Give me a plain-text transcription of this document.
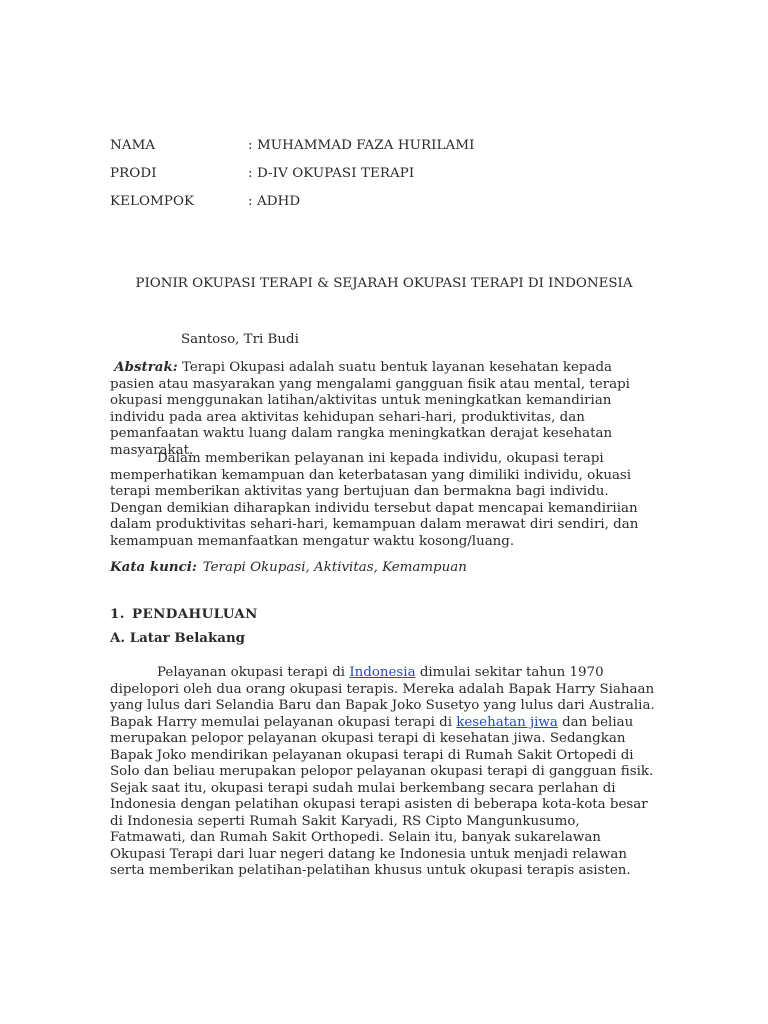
NAMA	: MUHAMMAD FAZA HURILAMI
PRODI	: D-IV OKUPASI TERAPI
KELOMPOK	: ADHD
PIONIR OKUPASI TERAPI & SEJARAH OKUPASI TERAPI DI INDONESIA
Santoso, Tri Budi
Abstrak: Terapi Okupasi adalah suatu bentuk layanan kesehatan kepada pasien atau masyarakan yang mengalami gangguan fisik atau mental, terapi okupasi menggunakan latihan/aktivitas untuk meningkatkan kemandirian individu pada area aktivitas kehidupan sehari-hari, produktivitas, dan pemanfaatan waktu luang dalam rangka meningkatkan derajat kesehatan masyarakat.
Dalam memberikan pelayanan ini kepada individu, okupasi terapi memperhatikan kemampuan dan keterbatasan yang dimiliki individu, okuasi terapi memberikan aktivitas yang bertujuan dan bermakna bagi individu. Dengan demikian diharapkan individu tersebut dapat mencapai kemandiriian dalam produktivitas sehari-hari, kemampuan dalam merawat diri sendiri, dan kemampuan memanfaatkan mengatur waktu kosong/luang.
Kata kunci: Terapi Okupasi, Aktivitas, Kemampuan
1. PENDAHULUAN
A. Latar Belakang
Pelayanan okupasi terapi di Indonesia dimulai sekitar tahun 1970 dipelopori oleh dua orang okupasi terapis. Mereka adalah Bapak Harry Siahaan yang lulus dari Selandia Baru dan Bapak Joko Susetyo yang lulus dari Australia. Bapak Harry memulai pelayanan okupasi terapi di kesehatan jiwa dan beliau merupakan pelopor pelayanan okupasi terapi di kesehatan jiwa. Sedangkan Bapak Joko mendirikan pelayanan okupasi terapi di Rumah Sakit Ortopedi di Solo dan beliau merupakan pelopor pelayanan okupasi terapi di gangguan fisik. Sejak saat itu, okupasi terapi sudah mulai berkembang secara perlahan di Indonesia dengan pelatihan okupasi terapi asisten di beberapa kota-kota besar di Indonesia seperti Rumah Sakit Karyadi, RS Cipto Mangunkusumo, Fatmawati, dan Rumah Sakit Orthopedi. Selain itu, banyak sukarelawan Okupasi Terapi dari luar negeri datang ke Indonesia untuk menjadi relawan serta memberikan pelatihan-pelatihan khusus untuk okupasi terapis asisten.
